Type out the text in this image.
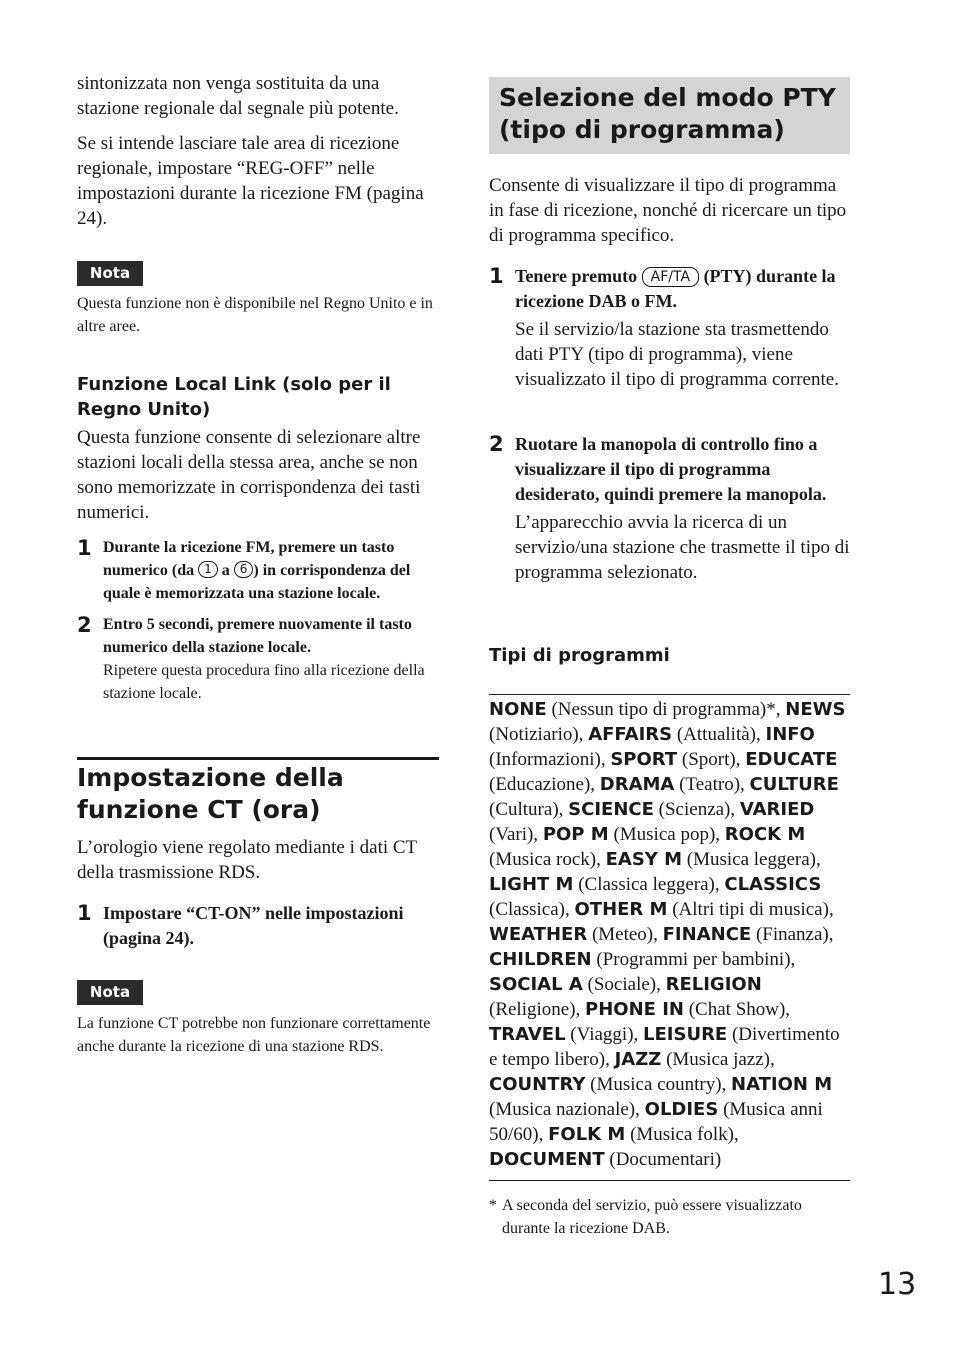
sintonizzata non venga sostituita da una stazione regionale dal segnale più potente.

Se si intende lasciare tale area di ricezione regionale, impostare “REG-OFF” nelle impostazioni durante la ricezione FM (pagina 24).

Nota

Questa funzione non è disponibile nel Regno Unito e in altre aree.

Funzione Local Link (solo per il Regno Unito)

Questa funzione consente di selezionare altre stazioni locali della stessa area, anche se non sono memorizzate in corrispondenza dei tasti numerici.

1 Durante la ricezione FM, premere un tasto numerico (da 1 a 6 ) in corrispondenza del quale è memorizzata una stazione locale.
2 Entro 5 secondi, premere nuovamente il tasto numerico della stazione locale.
Ripetere questa procedura fino alla ricezione della stazione locale.
Impostazione della funzione CT (ora)

L’orologio viene regolato mediante i dati CT della trasmissione RDS.

1 Impostare “CT-ON” nelle impostazioni (pagina 24).
Nota

La funzione CT potrebbe non funzionare correttamente anche durante la ricezione di una stazione RDS.

Selezione del modo PTY (tipo di programma)

Consente di visualizzare il tipo di programma in fase di ricezione, nonché di ricercare un tipo di programma specifico.

1 Tenere premuto AF/TA (PTY) durante la ricezione DAB o FM.
Se il servizio/la stazione sta trasmettendo dati PTY (tipo di programma), viene visualizzato il tipo di programma corrente.
2 Ruotare la manopola di controllo fino a visualizzare il tipo di programma desiderato, quindi premere la manopola.
L’apparecchio avvia la ricerca di un servizio/una stazione che trasmette il tipo di programma selezionato.
Tipi di programmi

NONE (Nessun tipo di programma)*, NEWS (Notiziario), AFFAIRS (Attualità), INFO (Informazioni), SPORT (Sport), EDUCATE (Educazione), DRAMA (Teatro), CULTURE (Cultura), SCIENCE (Scienza), VARIED (Vari), POP M (Musica pop), ROCK M (Musica rock), EASY M (Musica leggera), LIGHT M (Classica leggera), CLASSICS (Classica), OTHER M (Altri tipi di musica), WEATHER (Meteo), FINANCE (Finanza), CHILDREN (Programmi per bambini), SOCIAL A (Sociale), RELIGION (Religione), PHONE IN (Chat Show), TRAVEL (Viaggi), LEISURE (Divertimento e tempo libero), JAZZ (Musica jazz), COUNTRY (Musica country), NATION M (Musica nazionale), OLDIES (Musica anni 50/60), FOLK M (Musica folk), DOCUMENT (Documentari)

* A seconda del servizio, può essere visualizzato durante la ricezione DAB.
13
